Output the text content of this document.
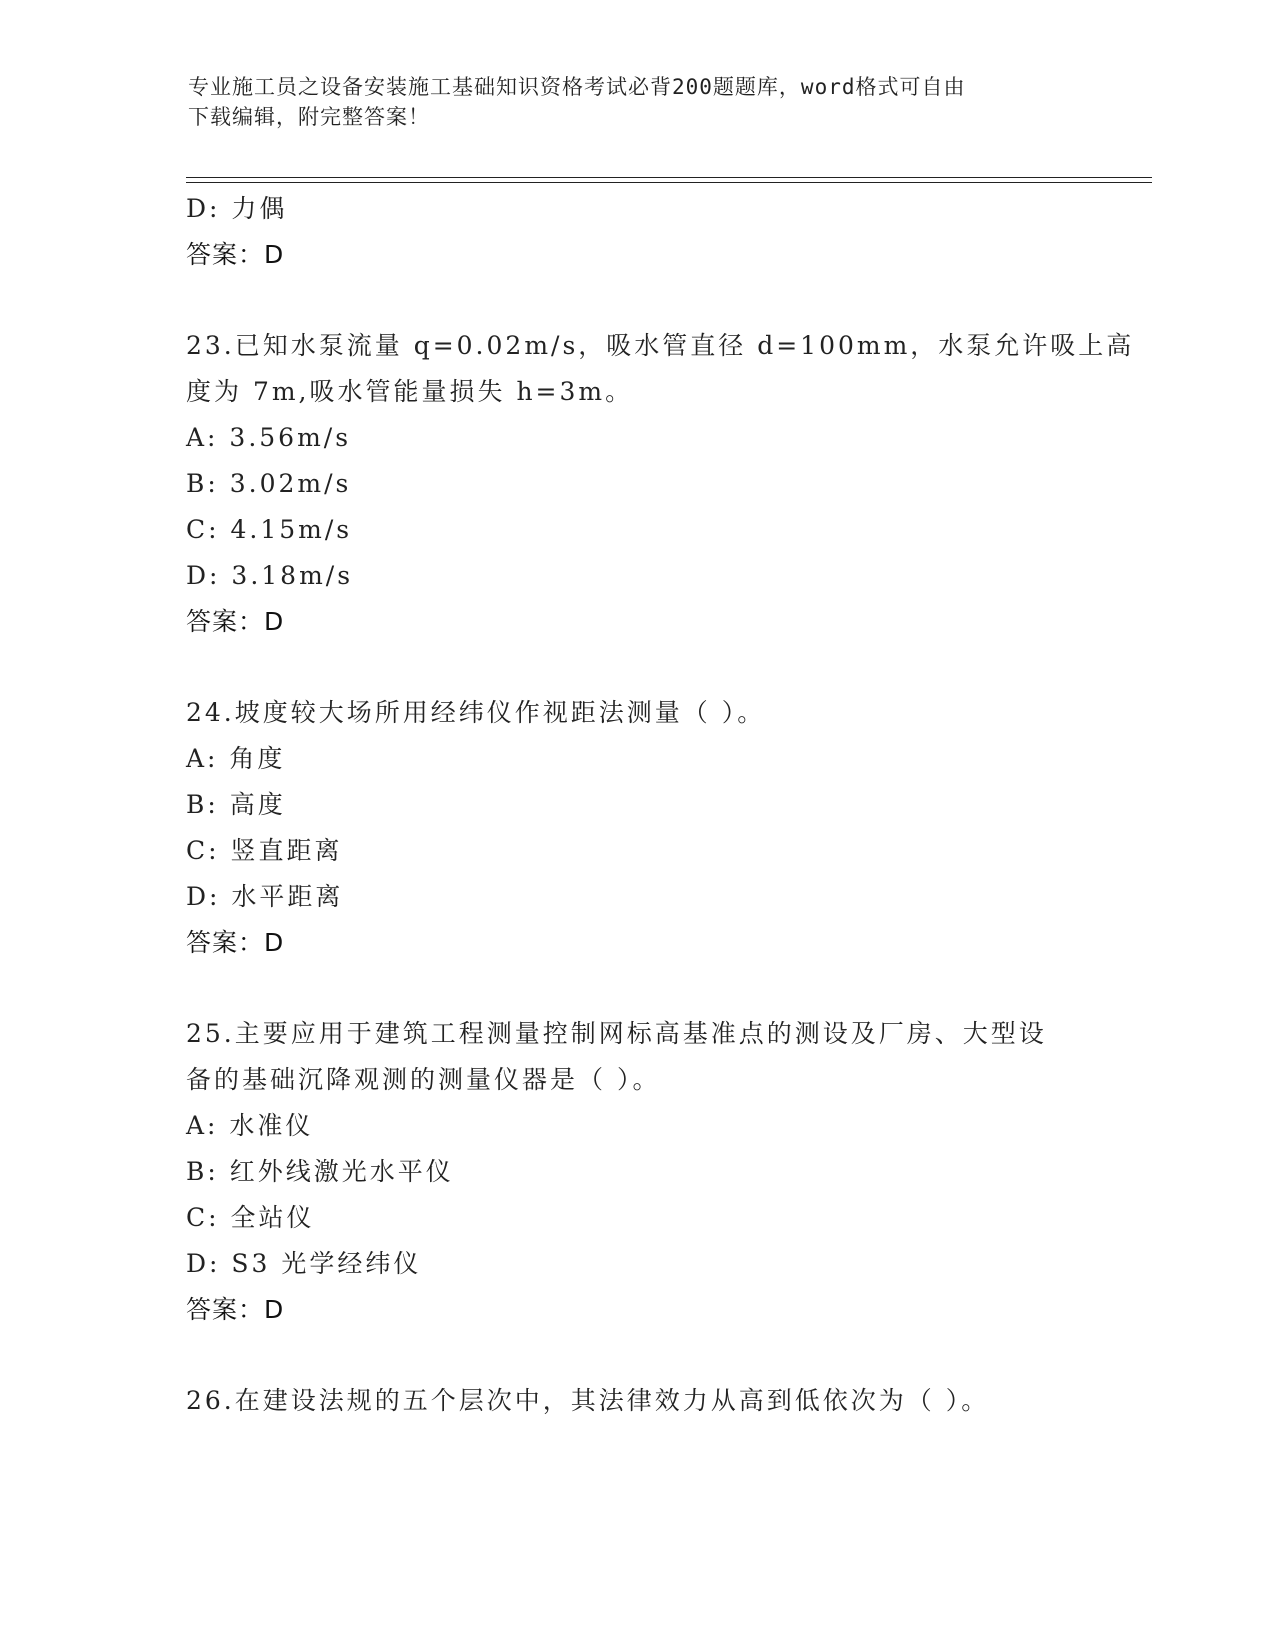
专业施工员之设备安装施工基础知识资格考试必背200题题库，word格式可自由
下载编辑，附完整答案！
D: 力偶
答案：D
23.已知水泵流量 q=0.02m/s，吸水管直径 d=100mm，水泵允许吸上高
度为 7m,吸水管能量损失 h=3m。
A: 3.56m/s
B: 3.02m/s
C: 4.15m/s
D: 3.18m/s
答案：D
24.坡度较大场所用经纬仪作视距法测量（ ）。
A: 角度
B: 高度
C: 竖直距离
D: 水平距离
答案：D
25.主要应用于建筑工程测量控制网标高基准点的测设及厂房、大型设
备的基础沉降观测的测量仪器是（ ）。
A: 水准仪
B: 红外线激光水平仪
C: 全站仪
D: S3 光学经纬仪
答案：D
26.在建设法规的五个层次中，其法律效力从高到低依次为（ ）。
